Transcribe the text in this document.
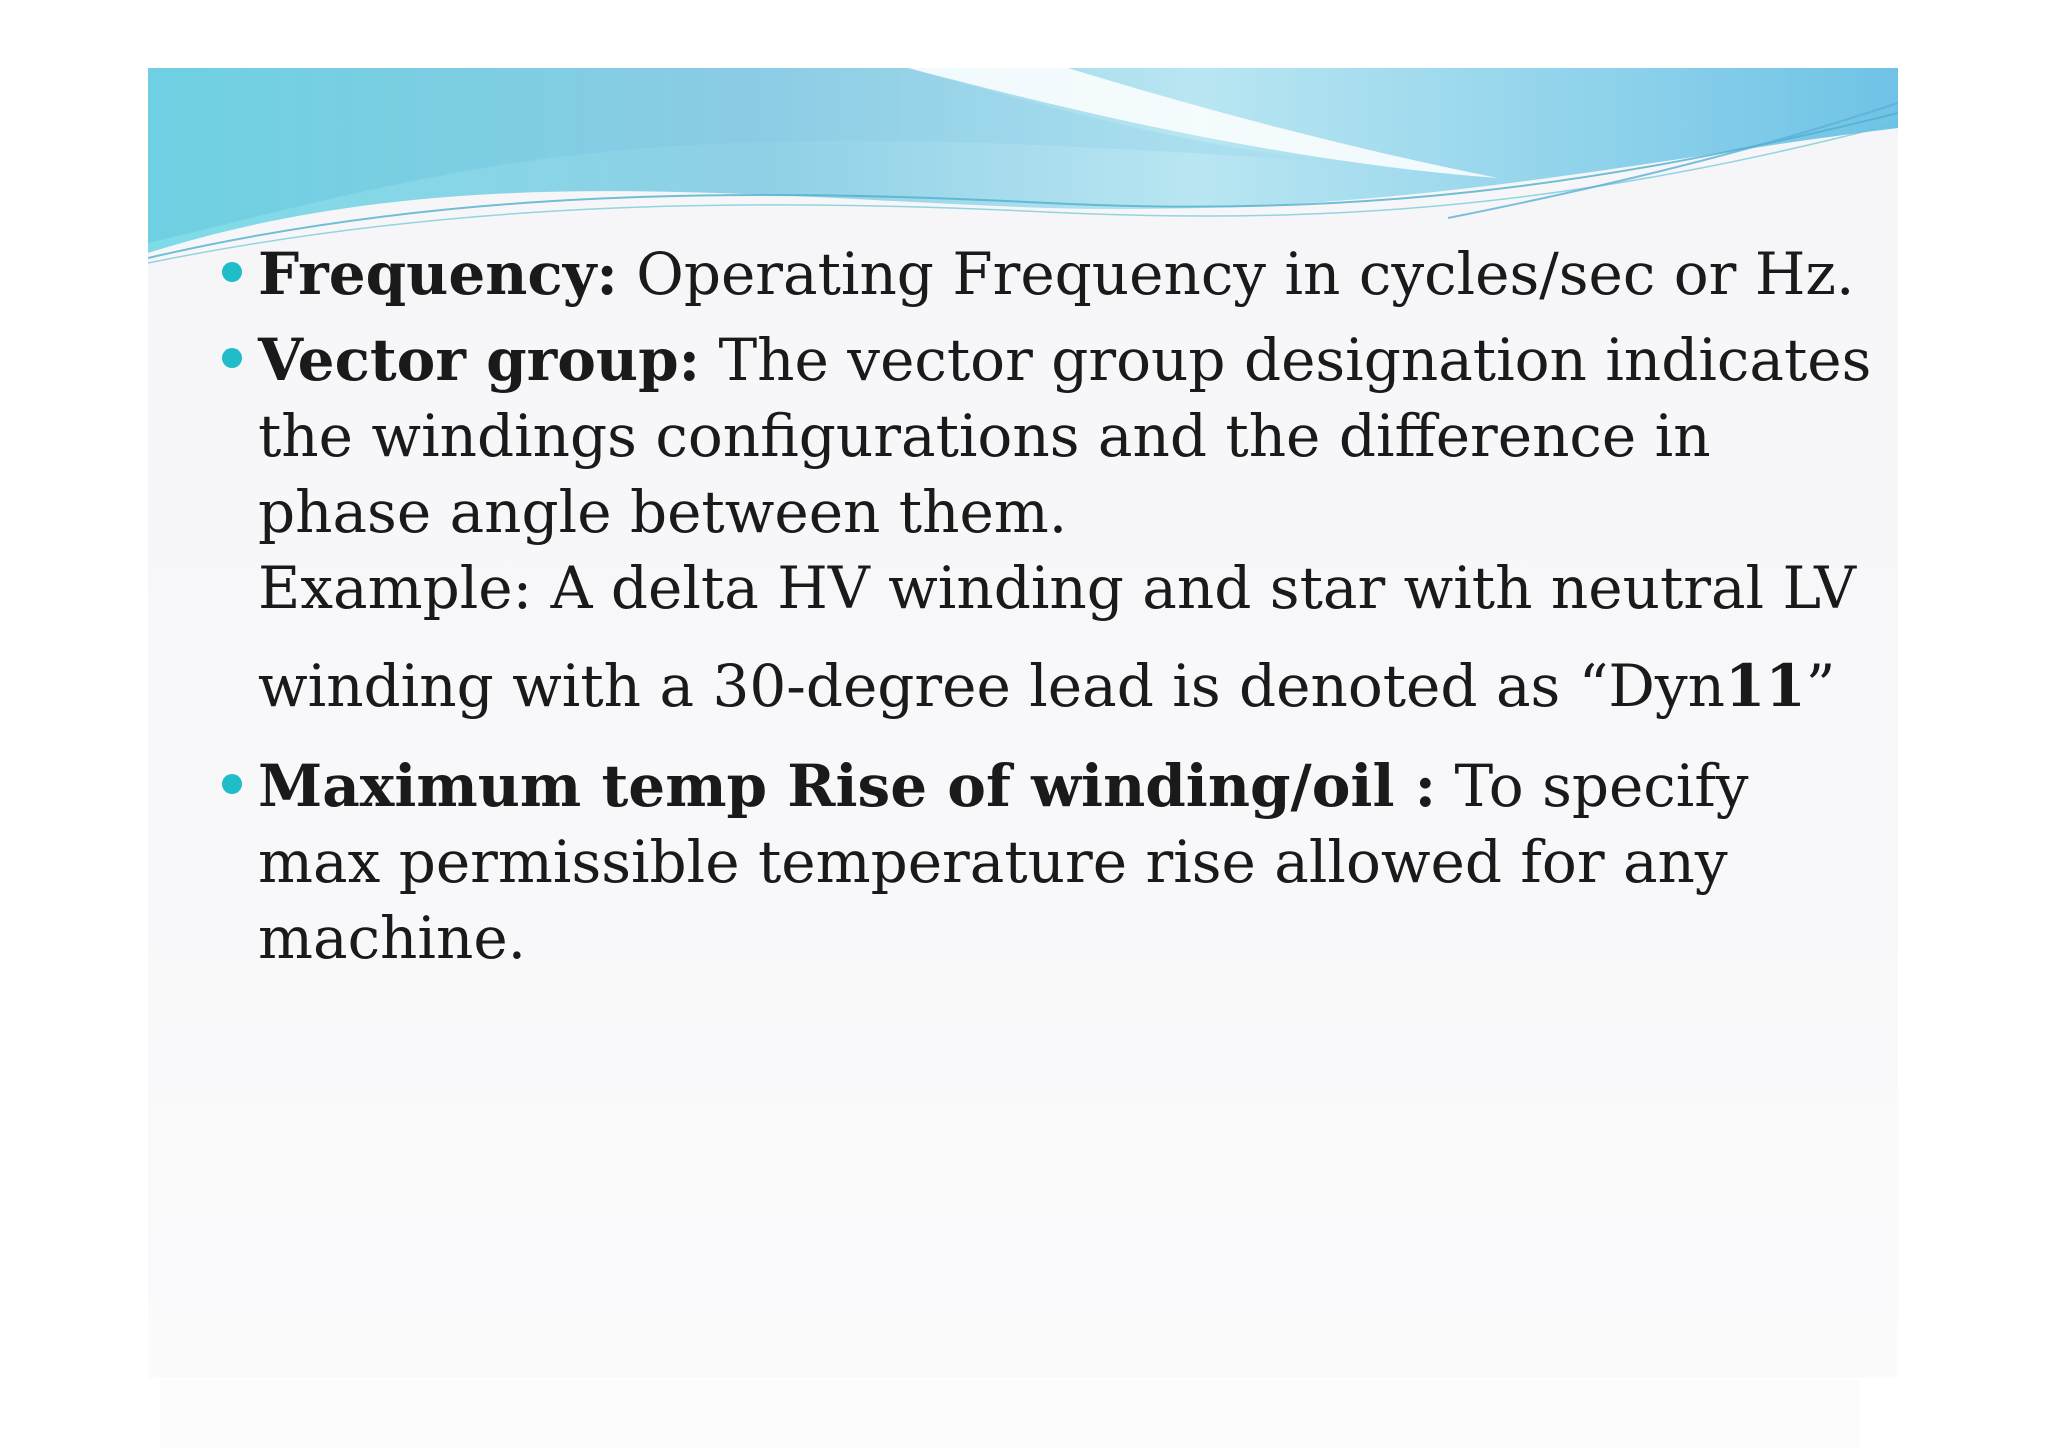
Frequency: Operating Frequency in cycles/sec or Hz.
Vector group: The vector group designation indicates
the windings configurations and the difference in
phase angle between them.
Example: A delta HV winding and star with neutral LV
winding with a 30-degree lead is denoted as “Dyn11”
Maximum temp Rise of winding/oil : To specify
max permissible temperature rise allowed for any
machine.
